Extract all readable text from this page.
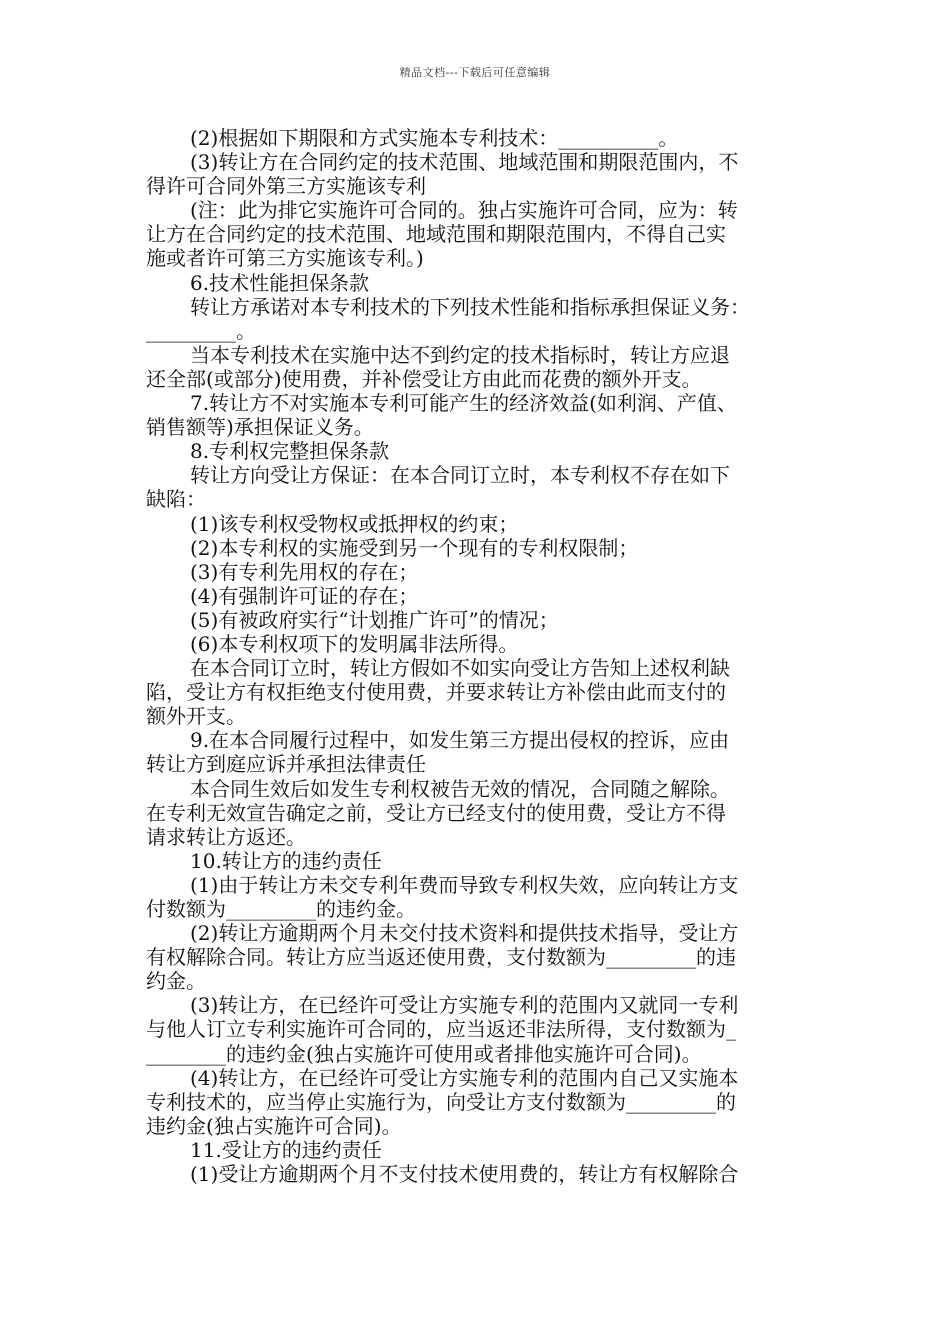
精品文档---下载后可任意编辑
(2)根据如下期限和方式实施本专利技术：__________。
(3)转让方在合同约定的技术范围、地域范围和期限范围内，不
得许可合同外第三方实施该专利
(注：此为排它实施许可合同的。独占实施许可合同，应为：转
让方在合同约定的技术范围、地域范围和期限范围内，不得自己实
施或者许可第三方实施该专利。)
6.技术性能担保条款
转让方承诺对本专利技术的下列技术性能和指标承担保证义务：
_________。
当本专利技术在实施中达不到约定的技术指标时，转让方应退
还全部(或部分)使用费，并补偿受让方由此而花费的额外开支。
7.转让方不对实施本专利可能产生的经济效益(如利润、产值、
销售额等)承担保证义务。
8.专利权完整担保条款
转让方向受让方保证：在本合同订立时，本专利权不存在如下
缺陷：
(1)该专利权受物权或抵押权的约束；
(2)本专利权的实施受到另一个现有的专利权限制；
(3)有专利先用权的存在；
(4)有强制许可证的存在；
(5)有被政府实行“计划推广许可”的情况；
(6)本专利权项下的发明属非法所得。
在本合同订立时，转让方假如不如实向受让方告知上述权利缺
陷，受让方有权拒绝支付使用费，并要求转让方补偿由此而支付的
额外开支。
9.在本合同履行过程中，如发生第三方提出侵权的控诉，应由
转让方到庭应诉并承担法律责任
本合同生效后如发生专利权被告无效的情况，合同随之解除。
在专利无效宣告确定之前，受让方已经支付的使用费，受让方不得
请求转让方返还。
10.转让方的违约责任
(1)由于转让方未交专利年费而导致专利权失效，应向转让方支
付数额为_________的违约金。
(2)转让方逾期两个月未交付技术资料和提供技术指导，受让方
有权解除合同。转让方应当返还使用费，支付数额为_________的违
约金。
(3)转让方，在已经许可受让方实施专利的范围内又就同一专利
与他人订立专利实施许可合同的，应当返还非法所得，支付数额为_
________的违约金(独占实施许可使用或者排他实施许可合同)。
(4)转让方，在已经许可受让方实施专利的范围内自己又实施本
专利技术的，应当停止实施行为，向受让方支付数额为_________的
违约金(独占实施许可合同)。
11.受让方的违约责任
(1)受让方逾期两个月不支付技术使用费的，转让方有权解除合
